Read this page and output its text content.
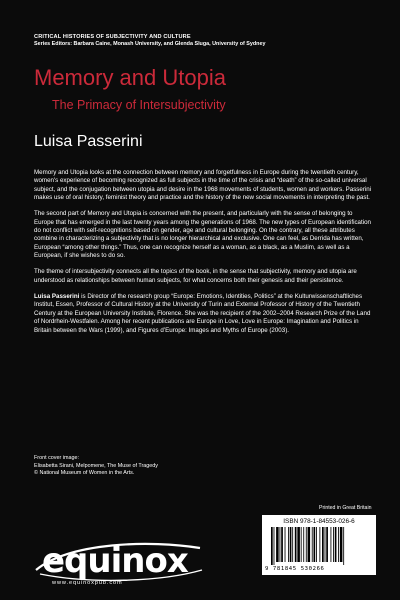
CRITICAL HISTORIES OF SUBJECTIVITY AND CULTURE
Series Editors: Barbara Caine, Monash University, and Glenda Sluga, University of Sydney
Memory and Utopia
The Primacy of Intersubjectivity
Luisa Passerini

Memory and Utopia looks at the connection between memory and forgetfulness in Europe during the twentieth century, women's experience of becoming recognized as full subjects in the time of the crisis and “death” of the so-called universal subject, and the conjugation between utopia and desire in the 1968 movements of students, women and workers. Passerini makes use of oral history, feminist theory and practice and the history of the new social movements in interpreting the past.

The second part of Memory and Utopia is concerned with the present, and particularly with the sense of belonging to Europe that has emerged in the last twenty years among the generations of 1968. The new types of European identification do not conflict with self-recognitions based on gender, age and cultural belonging. On the contrary, all these attributes combine in characterizing a subjectivity that is no longer hierarchical and exclusive. One can feel, as Derrida has written, European “among other things.” Thus, one can recognize herself as a woman, as a black, as a Muslim, as well as a European, if she wishes to do so.

The theme of intersubjectivity connects all the topics of the book, in the sense that subjectivity, memory and utopia are understood as relationships between human subjects, for what concerns both their genesis and their persistence.

Luisa Passerini is Director of the research group “Europe: Emotions, Identities, Politics” at the Kulturwissenschaftliches Institut, Essen, Professor of Cultural History at the University of Turin and External Professor of History of the Twentieth Century at the European University Institute, Florence. She was the recipient of the 2002–2004 Research Prize of the Land of Nordrhein-Westfalen. Among her recent publications are Europe in Love, Love in Europe: Imagination and Politics in Britain between the Wars (1999), and Figures d’Europe: Images and Myths of Europe (2003).

Front cover image:
Elisabetta Sirani, Melpomene, The Muse of Tragedy
© National Museum of Women in the Arts.
Printed in Great Britain
ISBN 978-1-84553-026-6
9 781845 530266
equinox
www.equinoxpub.com
